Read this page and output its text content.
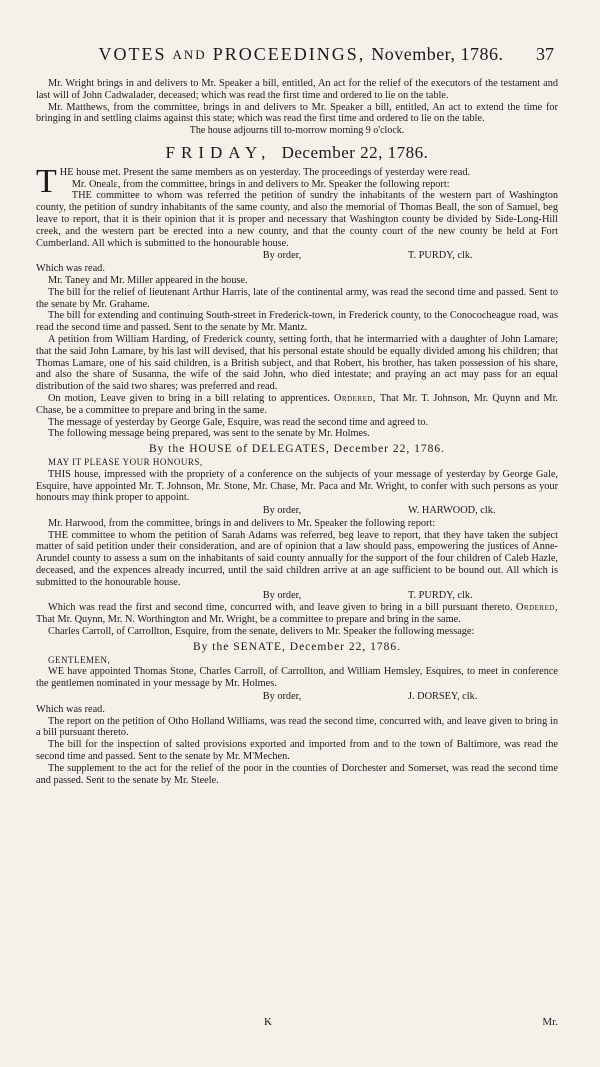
VOTES AND PROCEEDINGS, November, 1786. 37

Mr. Wright brings in and delivers to Mr. Speaker a bill, entitled, An act for the relief of the executors of the testament and last will of John Cadwalader, deceased; which was read the first time and ordered to lie on the table.

Mr. Matthews, from the committee, brings in and delivers to Mr. Speaker a bill, entitled, An act to extend the time for bringing in and settling claims against this state; which was read the first time and ordered to lie on the table.

The house adjourns till to-morrow morning 9 o'clock.

FRIDAY, December 22, 1786.

THE house met. Present the same members as on yesterday. The proceedings of yesterday were read.

Mr. Onealε, from the committee, brings in and delivers to Mr. Speaker the following report:

THE committee to whom was referred the petition of sundry the inhabitants of the western part of Washington county, the petition of sundry inhabitants of the same county, and also the memorial of Thomas Beall, the son of Samuel, beg leave to report, that it is their opinion that it is proper and necessary that Washington county be divided by Side-Long-Hill creek, and the western part be erected into a new county, and that the county court of the new county be held at Fort Cumberland. All which is submitted to the honourable house.

By order,	T. PURDY, clk.

Which was read.

Mr. Taney and Mr. Miller appeared in the house.

The bill for the relief of lieutenant Arthur Harris, late of the continental army, was read the second time and passed. Sent to the senate by Mr. Grahame.

The bill for extending and continuing South-street in Frederick-town, in Frederick county, to the Conococheague road, was read the second time and passed. Sent to the senate by Mr. Mantz.

A petition from William Harding, of Frederick county, setting forth, that he intermarried with a daughter of John Lamare; that the said John Lamare, by his last will devised, that his personal estate should be equally divided among his children; that Thomas Lamare, one of his said children, is a British subject, and that Robert, his brother, has taken possession of his share, and also the share of Susanna, the wife of the said John, who died intestate; and praying an act may pass for an equal distribution of the said two shares; was preferred and read.

On motion, Leave given to bring in a bill relating to apprentices. Ordered, That Mr. T. Johnson, Mr. Quynn and Mr. Chase, be a committee to prepare and bring in the same.

The message of yesterday by George Gale, Esquire, was read the second time and agreed to.

The following message being prepared, was sent to the senate by Mr. Holmes.

By the HOUSE of DELEGATES, December 22, 1786.

MAY IT PLEASE YOUR HONOURS,

THIS house, impressed with the propriety of a conference on the subjects of your message of yesterday by George Gale, Esquire, have appointed Mr. T. Johnson, Mr. Stone, Mr. Chase, Mr. Paca and Mr. Wright, to confer with such persons as your honours may think proper to appoint.

By order,	W. HARWOOD, clk.

Mr. Harwood, from the committee, brings in and delivers to Mr. Speaker the following report:

THE committee to whom the petition of Sarah Adams was referred, beg leave to report, that they have taken the subject matter of said petition under their consideration, and are of opinion that a law should pass, empowering the justices of Anne-Arundel county to assess a sum on the inhabitants of said county annually for the support of the four children of Caleb Hazle, deceased, and the expences already incurred, until the said children arrive at an age sufficient to be bound out. All which is submitted to the honourable house.

By order,	T. PURDY, clk.

Which was read the first and second time, concurred with, and leave given to bring in a bill pursuant thereto. Ordered, That Mr. Quynn, Mr. N. Worthington and Mr. Wright, be a committee to prepare and bring in the same.

Charles Carroll, of Carrollton, Esquire, from the senate, delivers to Mr. Speaker the following message:

By the SENATE, December 22, 1786.

GENTLEMEN,

WE have appointed Thomas Stone, Charles Carroll, of Carrollton, and William Hemsley, Esquires, to meet in conference the gentlemen nominated in your message by Mr. Holmes.

By order,	J. DORSEY, clk.

Which was read.

The report on the petition of Otho Holland Williams, was read the second time, concurred with, and leave given to bring in a bill pursuant thereto.

The bill for the inspection of salted provisions exported and imported from and to the town of Baltimore, was read the second time and passed. Sent to the senate by Mr. M'Mechen.

The supplement to the act for the relief of the poor in the counties of Dorchester and Somerset, was read the second time and passed. Sent to the senate by Mr. Steele.

K	Mr.
